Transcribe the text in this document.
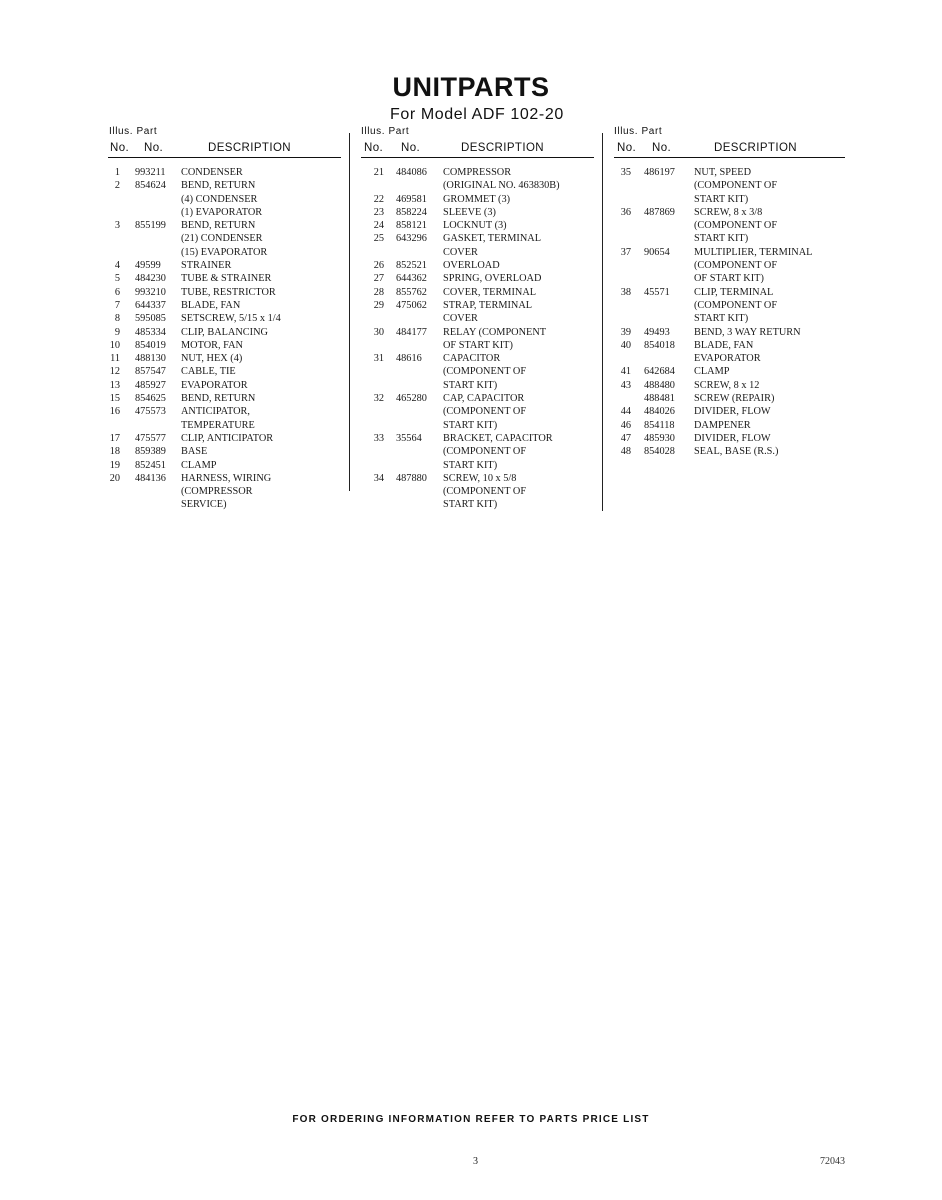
UNITPARTS
For Model ADF 102-20
Illus. Part
No. No.	DESCRIPTION
1 993211 CONDENSER
2 854624 BEND, RETURN
(4) CONDENSER
(1) EVAPORATOR
3 855199 BEND, RETURN
(21) CONDENSER
(15) EVAPORATOR
4 49599 STRAINER
5 484230 TUBE & STRAINER
6 993210 TUBE, RESTRICTOR
7 644337 BLADE, FAN
8 595085 SETSCREW, 5/15 x 1/4
9 485334 CLIP, BALANCING
10 854019 MOTOR, FAN
11 488130 NUT, HEX (4)
12 857547 CABLE, TIE
13 485927 EVAPORATOR
15 854625 BEND, RETURN
16 475573 ANTICIPATOR,
TEMPERATURE
17 475577 CLIP, ANTICIPATOR
18 859389 BASE
19 852451 CLAMP
20 484136 HARNESS, WIRING
(COMPRESSOR
SERVICE)
Illus. Part
No. No.	DESCRIPTION
21 484086 COMPRESSOR
(ORIGINAL NO. 463830B)
22 469581 GROMMET (3)
23 858224 SLEEVE (3)
24 858121 LOCKNUT (3)
25 643296 GASKET, TERMINAL
COVER
26 852521 OVERLOAD
27 644362 SPRING, OVERLOAD
28 855762 COVER, TERMINAL
29 475062 STRAP, TERMINAL
COVER
30 484177 RELAY (COMPONENT
OF START KIT)
31 48616 CAPACITOR
(COMPONENT OF
START KIT)
32 465280 CAP, CAPACITOR
(COMPONENT OF
START KIT)
33 35564 BRACKET, CAPACITOR
(COMPONENT OF
START KIT)
34 487880 SCREW, 10 x 5/8
(COMPONENT OF
START KIT)
Illus. Part
No. No.	DESCRIPTION
35 486197 NUT, SPEED
(COMPONENT OF
START KIT)
36 487869 SCREW, 8 x 3/8
(COMPONENT OF
START KIT)
37 90654 MULTIPLIER, TERMINAL
(COMPONENT OF
OF START KIT)
38 45571 CLIP, TERMINAL
(COMPONENT OF
START KIT)
39 49493 BEND, 3 WAY RETURN
40 854018 BLADE, FAN
EVAPORATOR
41 642684 CLAMP
43 488480 SCREW, 8 x 12
488481 SCREW (REPAIR)
44 484026 DIVIDER, FLOW
46 854118 DAMPENER
47 485930 DIVIDER, FLOW
48 854028 SEAL, BASE (R.S.)
FOR ORDERING INFORMATION REFER TO PARTS PRICE LIST
3	72043
